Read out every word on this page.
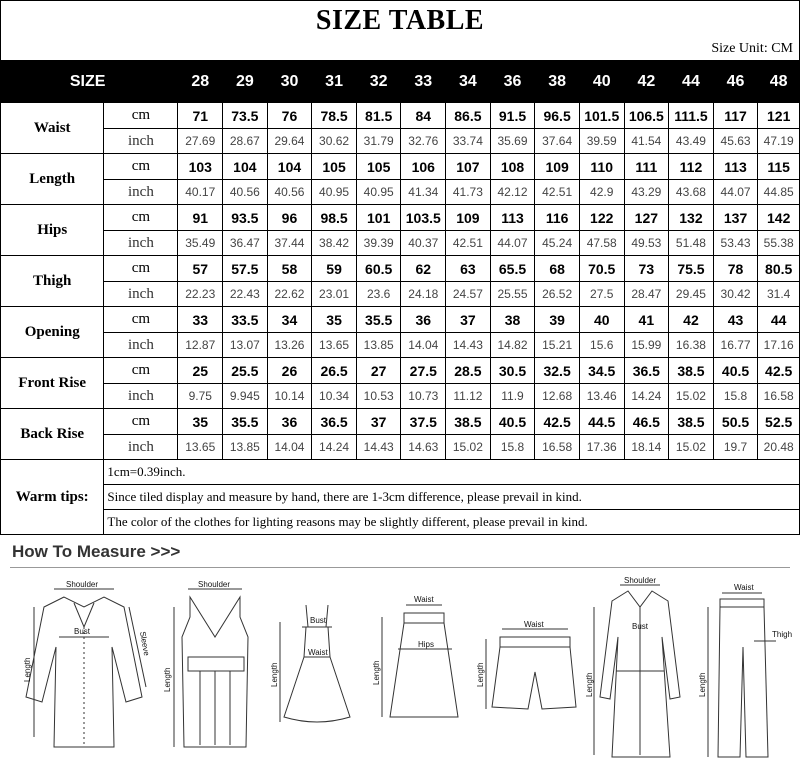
SIZE TABLE
Size Unit: CM
SIZE		28	29	30	31	32	33	34	36	38	40	42	44	46	48
Waist	cm	71	73.5	76	78.5	81.5	84	86.5	91.5	96.5	101.5	106.5	111.5	117	121
	inch	27.69	28.67	29.64	30.62	31.79	32.76	33.74	35.69	37.64	39.59	41.54	43.49	45.63	47.19
Length	cm	103	104	104	105	105	106	107	108	109	110	111	112	113	115
	inch	40.17	40.56	40.56	40.95	40.95	41.34	41.73	42.12	42.51	42.9	43.29	43.68	44.07	44.85
Hips	cm	91	93.5	96	98.5	101	103.5	109	113	116	122	127	132	137	142
	inch	35.49	36.47	37.44	38.42	39.39	40.37	42.51	44.07	45.24	47.58	49.53	51.48	53.43	55.38
Thigh	cm	57	57.5	58	59	60.5	62	63	65.5	68	70.5	73	75.5	78	80.5
	inch	22.23	22.43	22.62	23.01	23.6	24.18	24.57	25.55	26.52	27.5	28.47	29.45	30.42	31.4
Opening	cm	33	33.5	34	35	35.5	36	37	38	39	40	41	42	43	44
	inch	12.87	13.07	13.26	13.65	13.85	14.04	14.43	14.82	15.21	15.6	15.99	16.38	16.77	17.16
Front Rise	cm	25	25.5	26	26.5	27	27.5	28.5	30.5	32.5	34.5	36.5	38.5	40.5	42.5
	inch	9.75	9.945	10.14	10.34	10.53	10.73	11.12	11.9	12.68	13.46	14.24	15.02	15.8	16.58
Back Rise	cm	35	35.5	36	36.5	37	37.5	38.5	40.5	42.5	44.5	46.5	38.5	50.5	52.5
	inch	13.65	13.85	14.04	14.24	14.43	14.63	15.02	15.8	16.58	17.36	18.14	15.02	19.7	20.48
Warm tips:	1cm=0.39inch.														
	Since tiled display and measure by hand, there are 1-3cm difference, please prevail in kind.														
	The color of the clothes for lighting reasons may be slightly different, please prevail in kind.														
How To Measure >>>
Shoulder
Bust
Length
Sleeve
Shoulder
Length
Bust
Waist
Length
Waist
Hips
Length
Waist
Length
Shoulder
Bust
Length
Waist
Thigh
Length
